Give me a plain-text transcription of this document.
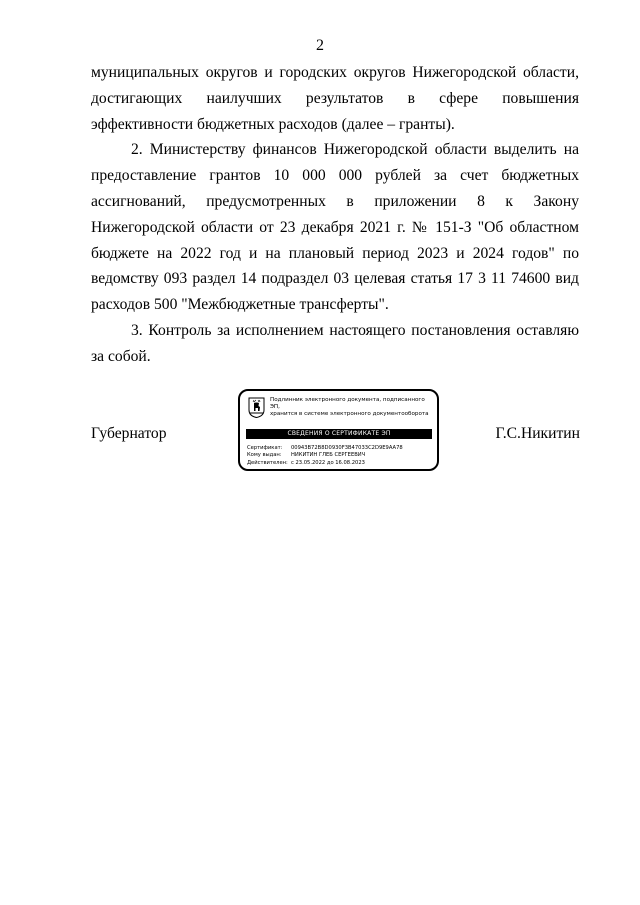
2

муниципальных округов и городских округов Нижегородской области, достигающих наилучших результатов в сфере повышения эффективности бюджетных расходов (далее – гранты).

2. Министерству финансов Нижегородской области выделить на предоставление грантов 10 000 000 рублей за счет бюджетных ассигнований, предусмотренных в приложении 8 к Закону Нижегородской области от 23 декабря 2021 г. № 151-З "Об областном бюджете на 2022 год и на плановый период 2023 и 2024 годов" по ведомству 093 раздел 14 подраздел 03 целевая статья 17 3 11 74600 вид расходов 500 "Межбюджетные трансферты".

3. Контроль за исполнением настоящего постановления оставляю за собой.

Губернатор	Г.С.Никитин
Подлинник электронного документа, подписанного ЭП,
хранится в системе электронного документооборота
СВЕДЕНИЯ О СЕРТИФИКАТЕ ЭП
Сертификат: 00943B72B8D0930F3B47033C2D9E9AA78
Кому выдан: НИКИТИН ГЛЕБ СЕРГЕЕВИЧ
Действителен: с 23.05.2022 до 16.08.2023
